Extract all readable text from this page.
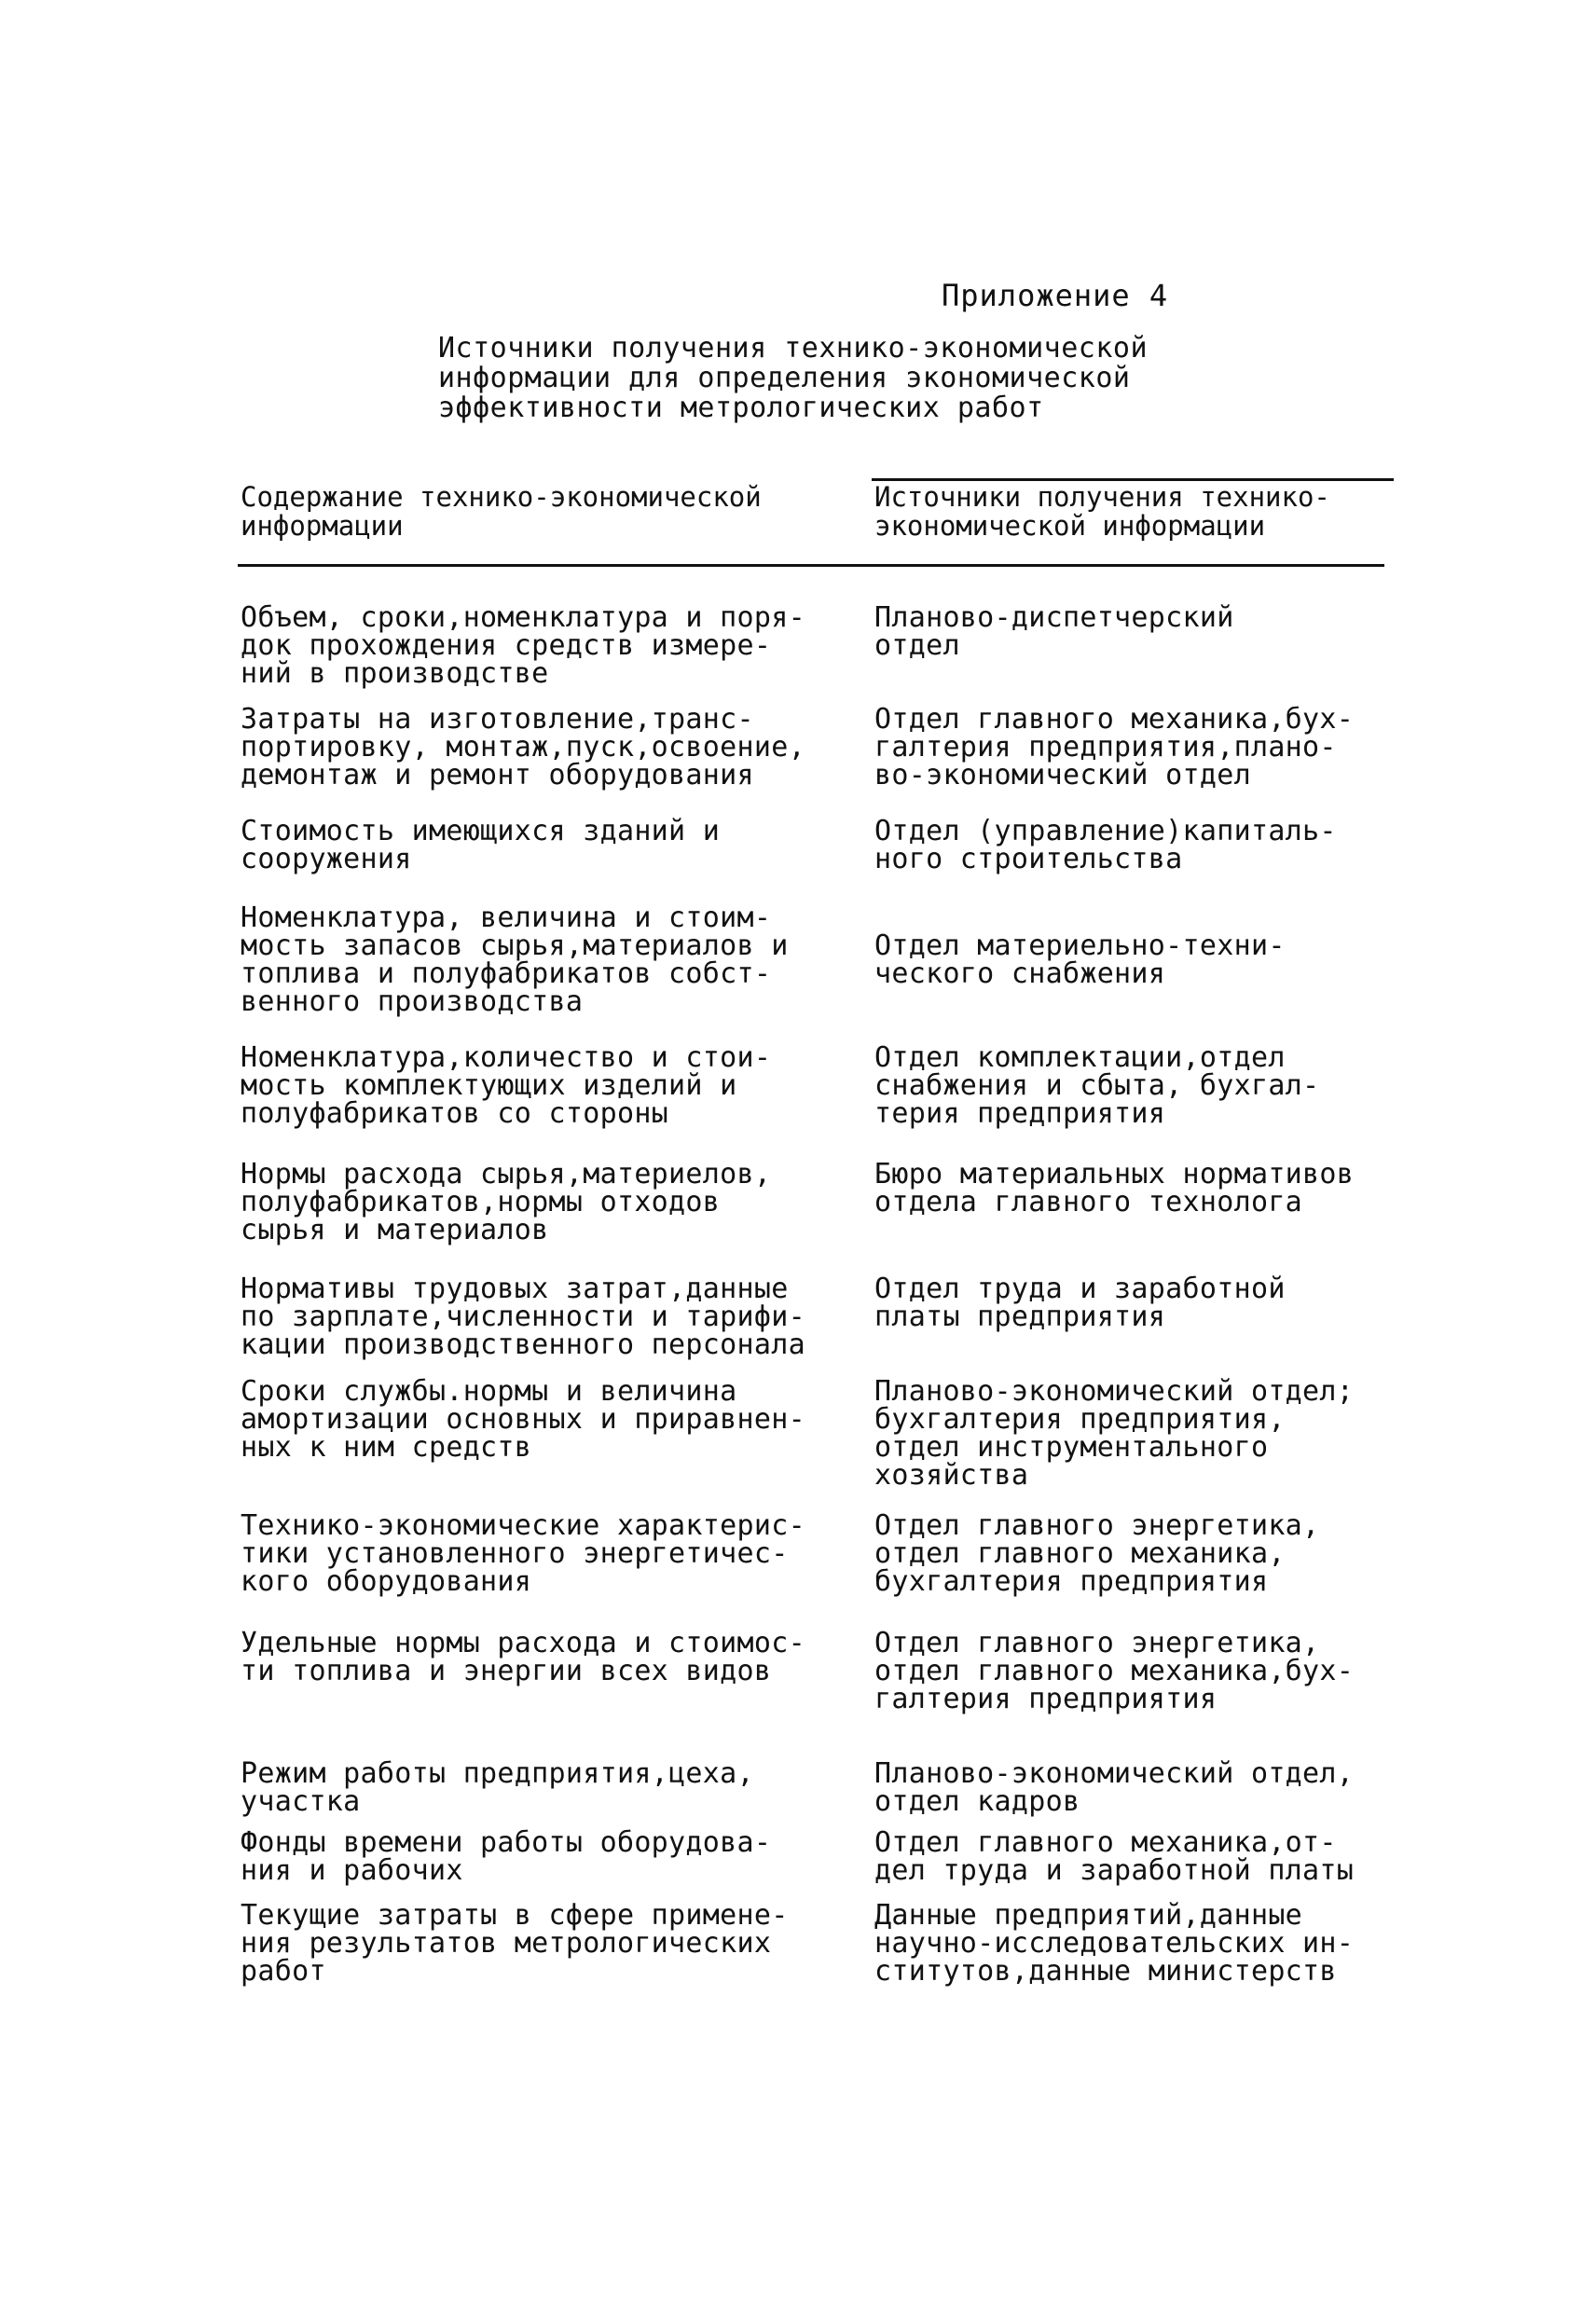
Приложение 4
Источники получения технико-экономической
информации для определения экономической
эффективности метрологических работ
Содержание технико-экономической
информации
Источники получения технико-
экономической информации
Объем, сроки,номенклатура и поря-
док прохождения средств измере-
ний в производстве
Планово-диспетчерский
отдел
Затраты на изготовление,транс-
портировку, монтаж,пуск,освоение,
демонтаж и ремонт оборудования
Отдел главного механика,бух-
галтерия предприятия,плано-
во-экономический отдел
Стоимость имеющихся зданий и
сооружения
Отдел (управление)капиталь-
ного строительства
Номенклатура, величина и стоим-
мость запасов сырья,материалов и
топлива и полуфабрикатов собст-
венного производства
Отдел материельно-техни-
ческого снабжения
Номенклатура,количество и стои-
мость комплектующих изделий и
полуфабрикатов со стороны
Отдел комплектации,отдел
снабжения и сбыта, бухгал-
терия предприятия
Нормы расхода сырья,материелов,
полуфабрикатов,нормы отходов
сырья и материалов
Бюро материальных нормативов
отдела главного технолога
Нормативы трудовых затрат,данные
по зарплате,численности и тарифи-
кации производственного персонала
Отдел труда и заработной
платы предприятия
Сроки службы.нормы и величина
амортизации основных и приравнен-
ных к ним средств
Планово-экономический отдел;
бухгалтерия предприятия,
отдел инструментального
хозяйства
Технико-экономические характерис-
тики установленного энергетичес-
кого оборудования
Отдел главного энергетика,
отдел главного механика,
бухгалтерия предприятия
Удельные нормы расхода и стоимос-
ти топлива и энергии всех видов
Отдел главного энергетика,
отдел главного механика,бух-
галтерия предприятия
Режим работы предприятия,цеха,
участка
Планово-экономический отдел,
отдел кадров
Фонды времени работы оборудова-
ния и рабочих
Отдел главного механика,от-
дел труда и заработной платы
Текущие затраты в сфере примене-
ния результатов метрологических
работ
Данные предприятий,данные
научно-исследовательских ин-
ститутов,данные министерств
